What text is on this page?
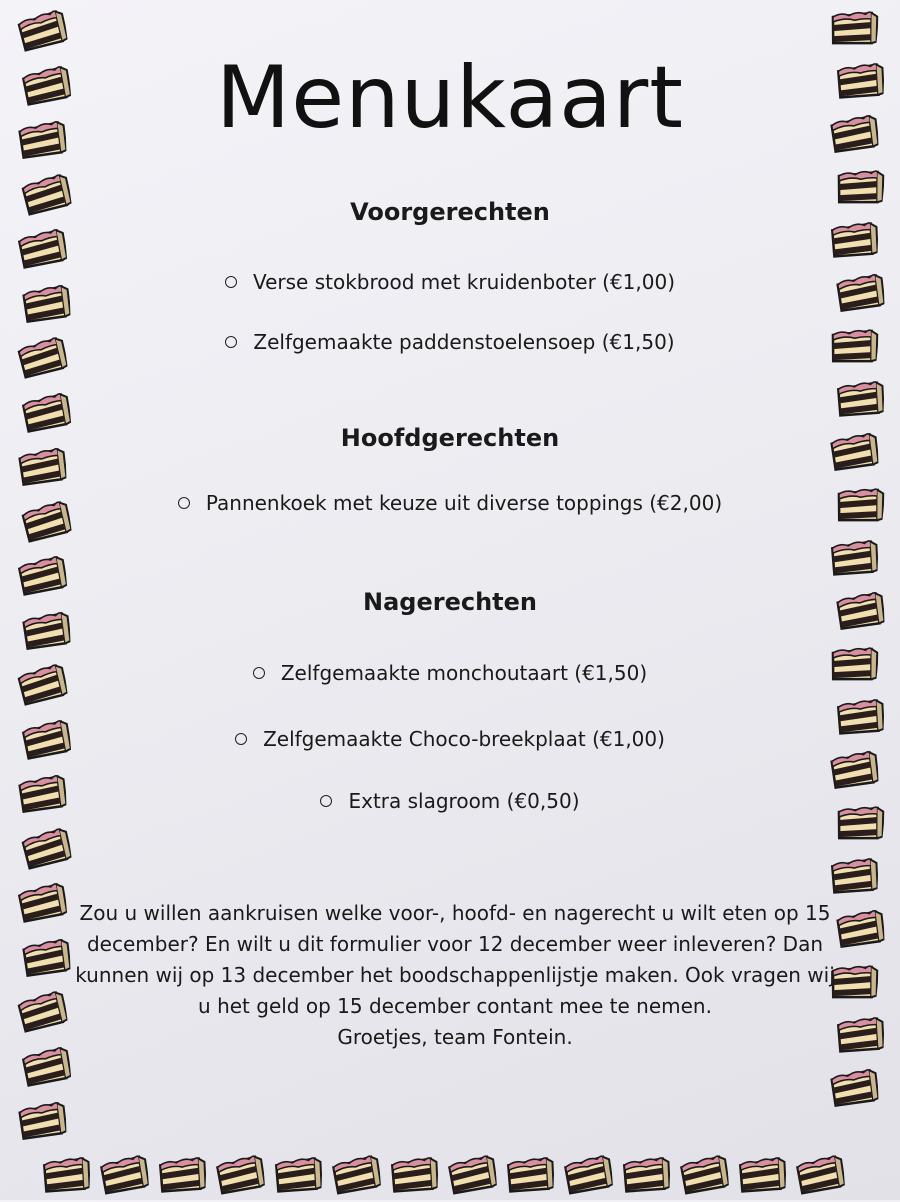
Menukaart
Voorgerechten

Verse stokbrood met kruidenboter (€1,00)

Zelfgemaakte paddenstoelensoep (€1,50)

Hoofdgerechten

Pannenkoek met keuze uit diverse toppings (€2,00)

Nagerechten

Zelfgemaakte monchoutaart (€1,50)

Zelfgemaakte Choco-breekplaat (€1,00)

Extra slagroom (€0,50)

Zou u willen aankruisen welke voor-, hoofd- en nagerecht u wilt eten op 15 december? En wilt u dit formulier voor 12 december weer inleveren? Dan kunnen wij op 13 december het boodschappenlijstje maken. Ook vragen wij u het geld op 15 december contant mee te nemen.

Groetjes, team Fontein.
